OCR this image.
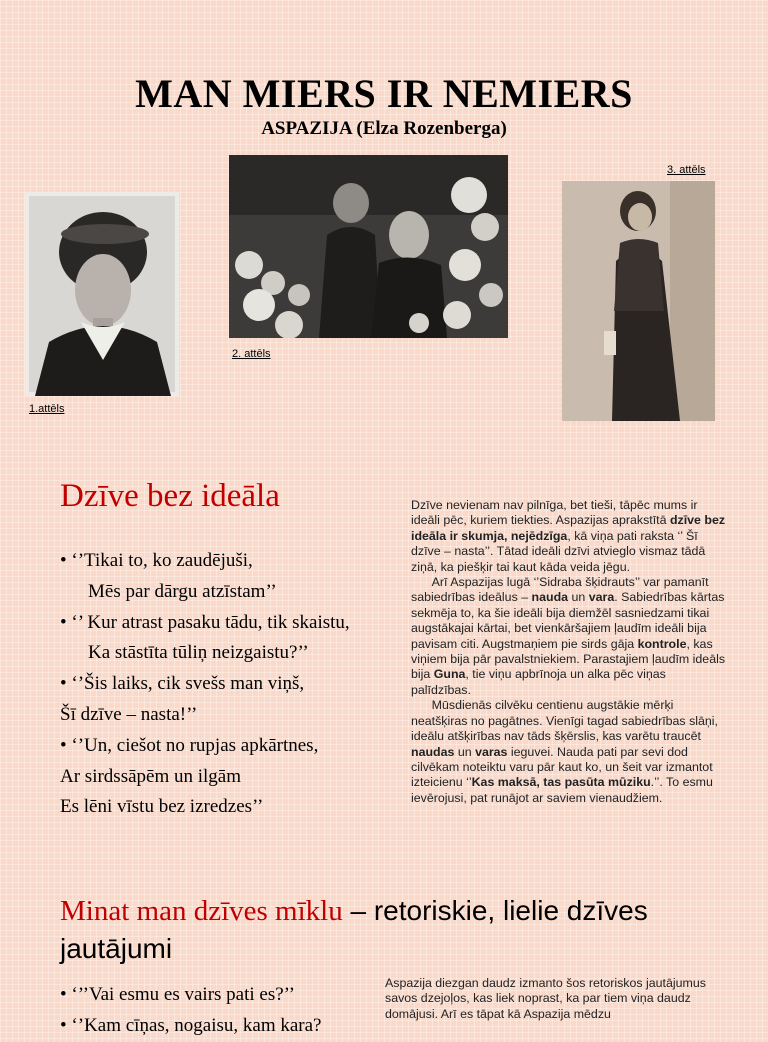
MAN MIERS IR NEMIERS
ASPAZIJA (Elza Rozenberga)
1.attēls
2. attēls
3. attēls
Dzīve bez ideāla
• ‘’Tikai to, ko zaudējuši,
Mēs par dārgu atzīstam’’
• ‘’ Kur atrast pasaku tādu, tik skaistu,
Ka stāstīta tūliņ neizgaistu?’’
• ‘’Šis laiks, cik svešs man viņš,
Šī dzīve – nasta!’’
• ‘’Un, ciešot no rupjas apkārtnes,
Ar sirdssāpēm un ilgām
Es lēni vīstu bez izredzes’’
Dzīve nevienam nav pilnīga, bet tieši, tāpēc mums ir ideāli pēc, kuriem tiekties. Aspazijas aprakstītā dzīve bez ideāla ir skumja, nejēdzīga, kā viņa pati raksta ‘’ Šī dzīve – nasta’’. Tātad ideāli dzīvi atvieglo vismaz tādā ziņā, ka piešķir tai kaut kāda veida jēgu.
Arī Aspazijas lugā ‘’Sidraba šķidrauts’’ var pamanīt sabiedrības ideālus – nauda un vara. Sabiedrības kārtas sekmēja to, ka šie ideāli bija diemžēl sasniedzami tikai augstākajai kārtai, bet vienkāršajiem ļaudīm ideāli bija pavisam citi. Augstmaņiem pie sirds gāja kontrole, kas viņiem bija pār pavalstniekiem. Parastajiem ļaudīm ideāls bija Guna, tie viņu apbrīnoja un alka pēc viņas palīdzības.
Mūsdienās cilvēku centienu augstākie mērķi neatšķiras no pagātnes. Vienīgi tagad sabiedrības slāņi, ideālu atšķirības nav tāds šķērslis, kas varētu traucēt naudas un varas ieguvei. Nauda pati par sevi dod cilvēkam noteiktu varu pār kaut ko, un šeit var izmantot izteicienu ‘’Kas maksā, tas pasūta mūziku.’’. To esmu ievērojusi, pat runājot ar saviem vienaudžiem.
Minat man dzīves mīklu – retoriskie, lielie dzīves jautājumi
• ‘’’Vai esmu es vairs pati es?’’
• ‘’Kam cīņas, nogaisu, kam kara?
Aspazija diezgan daudz izmanto šos retoriskos jautājumus savos dzejoļos, kas liek noprast, ka par tiem viņa daudz domājusi. Arī es tāpat kā Aspazija mēdzu
